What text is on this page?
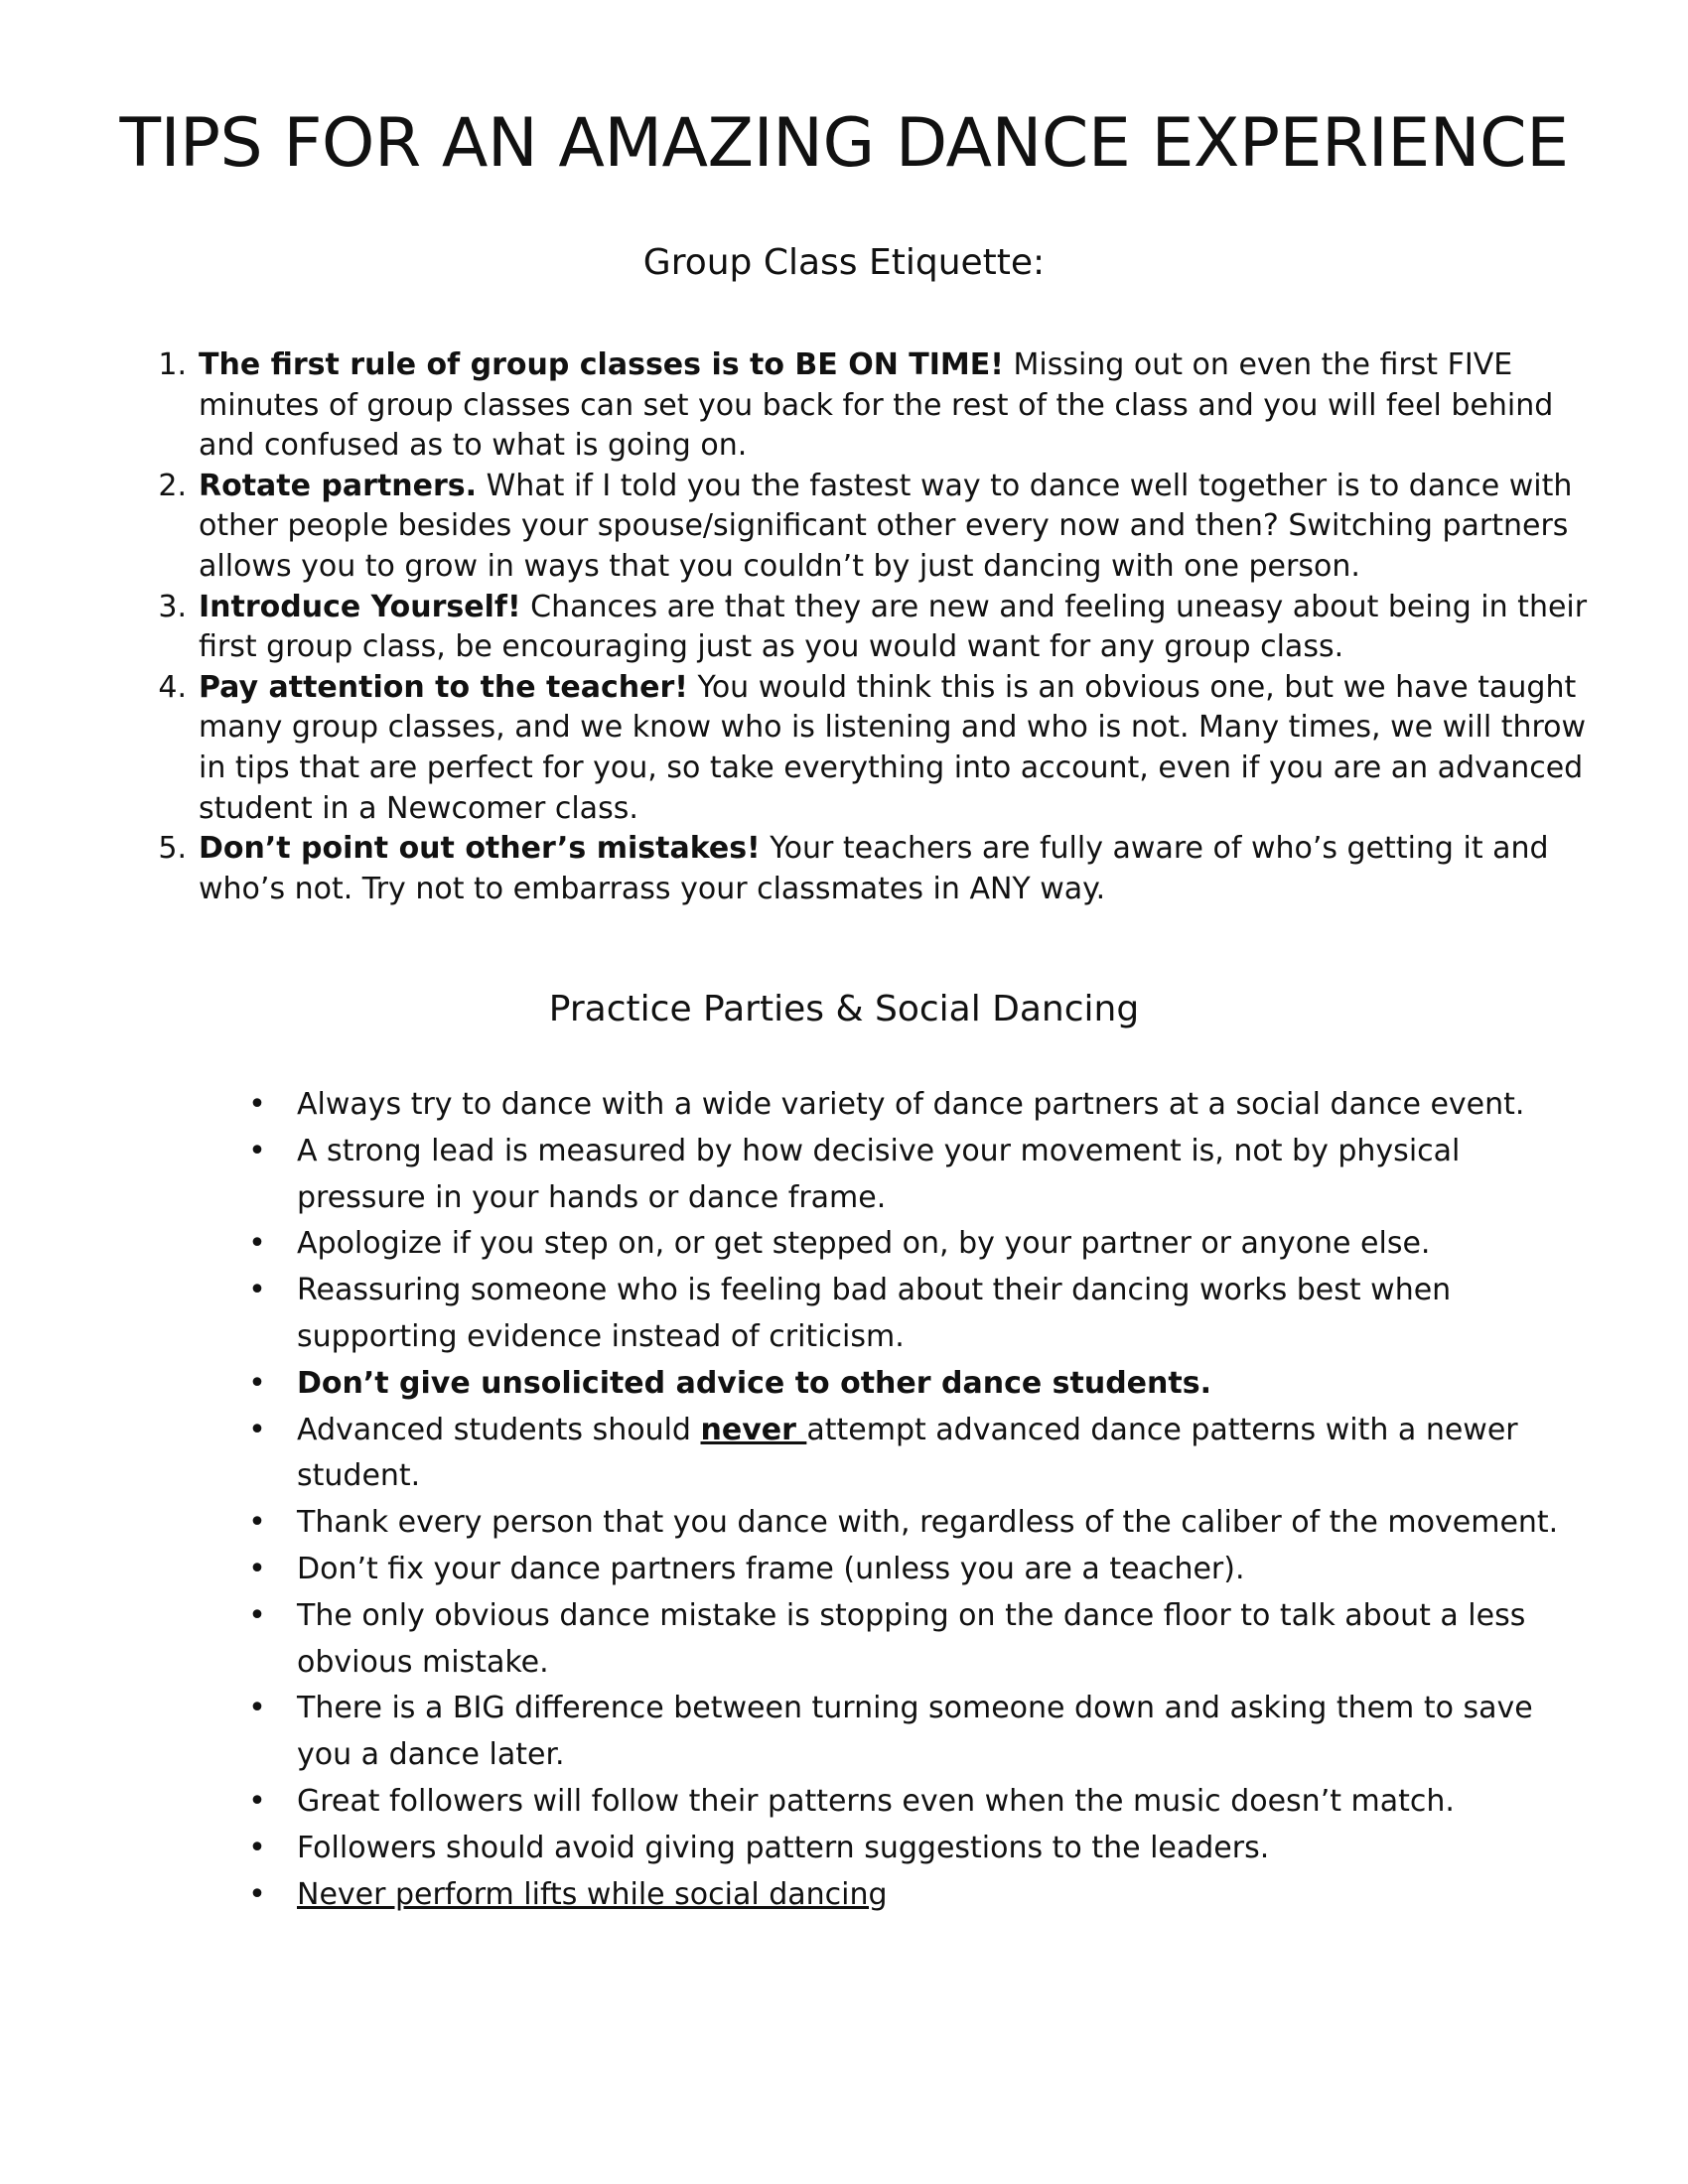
TIPS FOR AN AMAZING DANCE EXPERIENCE
Group Class Etiquette:
1. The first rule of group classes is to BE ON TIME! Missing out on even the first FIVE minutes of group classes can set you back for the rest of the class and you will feel behind and confused as to what is going on.
2. Rotate partners. What if I told you the fastest way to dance well together is to dance with other people besides your spouse/significant other every now and then? Switching partners allows you to grow in ways that you couldn’t by just dancing with one person.
3. Introduce Yourself! Chances are that they are new and feeling uneasy about being in their first group class, be encouraging just as you would want for any group class.
4. Pay attention to the teacher! You would think this is an obvious one, but we have taught many group classes, and we know who is listening and who is not. Many times, we will throw in tips that are perfect for you, so take everything into account, even if you are an advanced student in a Newcomer class.
5. Don’t point out other’s mistakes! Your teachers are fully aware of who’s getting it and who’s not. Try not to embarrass your classmates in ANY way.
Practice Parties & Social Dancing
• Always try to dance with a wide variety of dance partners at a social dance event.
• A strong lead is measured by how decisive your movement is, not by physical pressure in your hands or dance frame.
• Apologize if you step on, or get stepped on, by your partner or anyone else.
• Reassuring someone who is feeling bad about their dancing works best when supporting evidence instead of criticism.
• Don’t give unsolicited advice to other dance students.
• Advanced students should never attempt advanced dance patterns with a newer student.
• Thank every person that you dance with, regardless of the caliber of the movement.
• Don’t fix your dance partners frame (unless you are a teacher).
• The only obvious dance mistake is stopping on the dance floor to talk about a less obvious mistake.
• There is a BIG difference between turning someone down and asking them to save you a dance later.
• Great followers will follow their patterns even when the music doesn’t match.
• Followers should avoid giving pattern suggestions to the leaders.
• Never perform lifts while social dancing
